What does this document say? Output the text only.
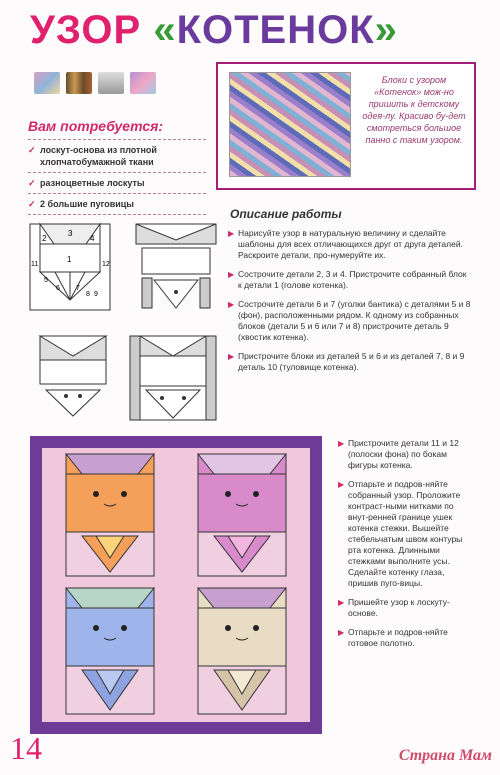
УЗОР «КОТЕНОК»
Вам потребуется:
✓ лоскут-основа из плотной хлопчатобумажной ткани
✓ разноцветные лоскуты
✓ 2 большие пуговицы
Блоки с узором «Котенок» мож-но пришить к детскому одея-лу. Красиво бу-дет смотреться большое панно с таким узором.
2
3
4
11	12
1
5
6 7
8 9
Описание работы
▶ Нарисуйте узор в натуральную величину и сделайте шаблоны для всех отличающихся друг от друга деталей. Раскроите детали, про-нумеруйте их.
▶ Сострочите детали 2, 3 и 4. Пристрочите собранный блок к детали 1 (голове котенка).
▶ Сострочите детали 6 и 7 (уголки бантика) с деталями 5 и 8 (фон), расположенными рядом. К одному из собранных блоков (детали 5 и 6 или 7 и 8) пристрочите деталь 9 (хвостик котенка).
▶ Пристрочите блоки из деталей 5 и 6 и из деталей 7, 8 и 9 деталь 10 (туловище котенка).
▶ Пристрочите детали 11 и 12 (полоски фона) по бокам фигуры котенка.
▶ Отпарьте и подров-няйте собранный узор. Проложите контраст-ными нитками по внут-ренней границе ушек котенка стежки. Вышейте стебельчатым швом контуры рта котенка. Длинными стежками выполните усы. Сделайте котенку глаза, пришив пуго-вицы.
▶ Пришейте узор к лоскуту-основе.
▶ Отпарьте и подров-няйте готовое полотно.
14	Страна Мам
